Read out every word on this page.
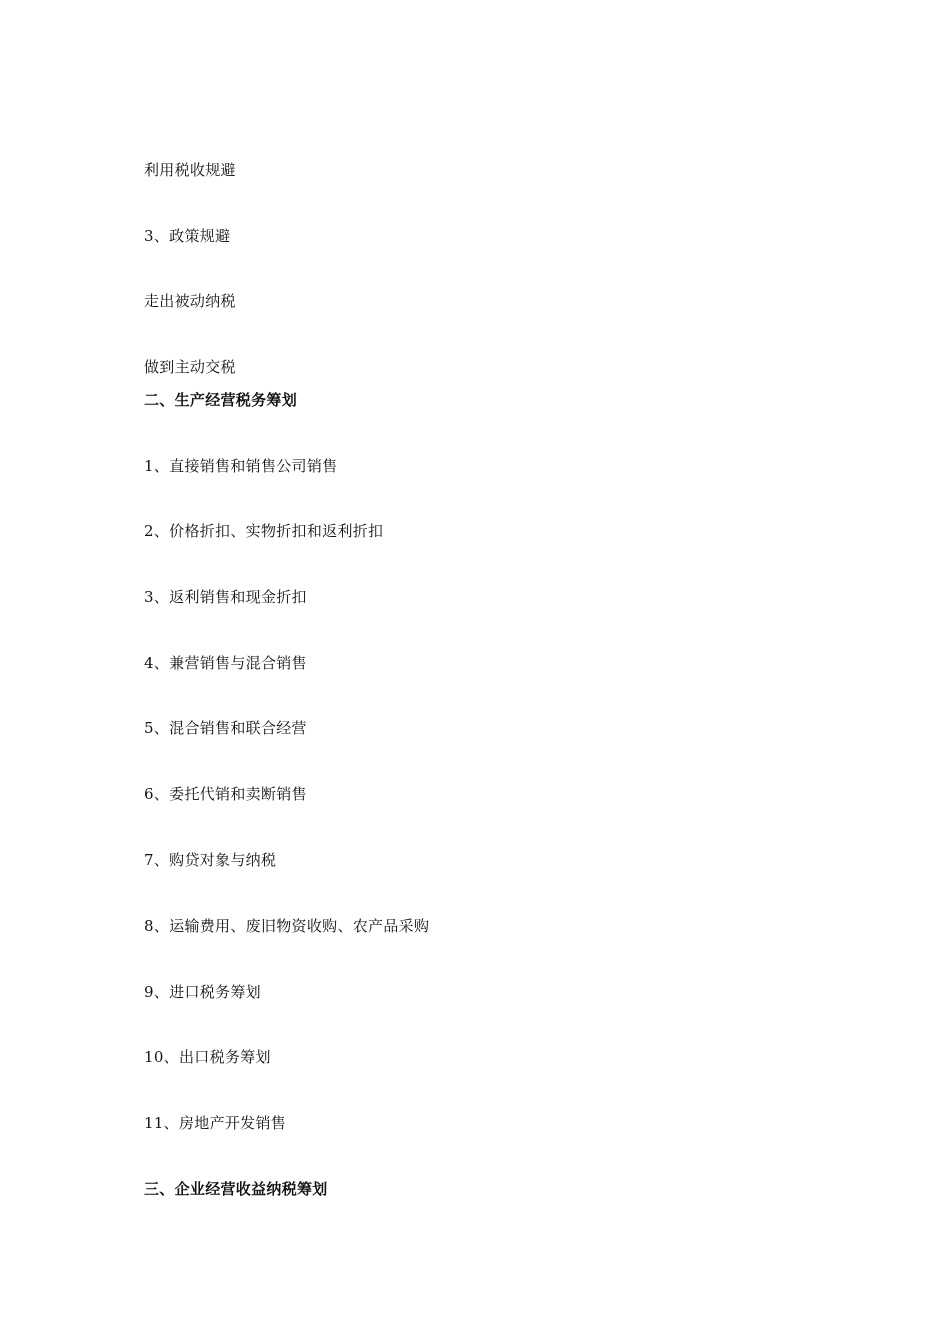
利用税收规避
3、政策规避
走出被动纳税
做到主动交税
二、生产经营税务筹划
1、直接销售和销售公司销售
2、价格折扣、实物折扣和返利折扣
3、返利销售和现金折扣
4、兼营销售与混合销售
5、混合销售和联合经营
6、委托代销和卖断销售
7、购贷对象与纳税
8、运输费用、废旧物资收购、农产品采购
9、进口税务筹划
10、出口税务筹划
11、房地产开发销售
三、企业经营收益纳税筹划
